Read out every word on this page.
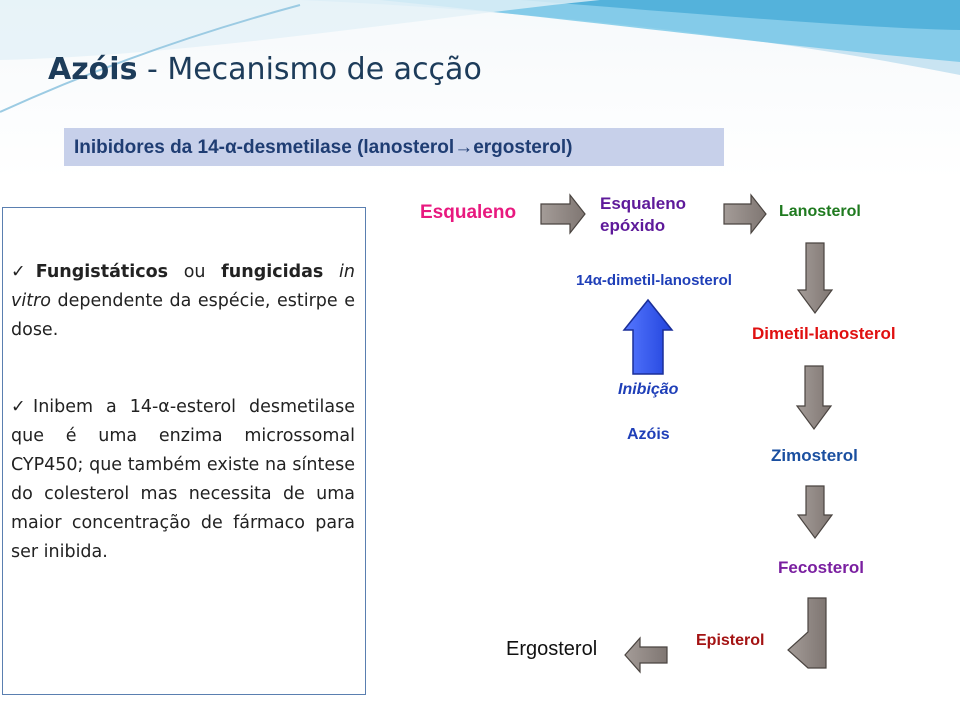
Azóis - Mecanismo de acção
Inibidores da 14-α-desmetilase (lanosterol→ergosterol)

✓Fungistáticos ou fungicidas in vitro dependente da espécie, estirpe e dose.

✓Inibem a 14-α-esterol desmetilase que é uma enzima microssomal CYP450; que também existe na síntese do colesterol mas necessita de uma maior concentração de fármaco para ser inibida.

Esqualeno	Esqualeno
epóxido
Lanosterol
14α-dimetil-lanosterol
Inibição
Azóis
Dimetil-lanosterol
Zimosterol
Fecosterol
Episterol
Ergosterol
